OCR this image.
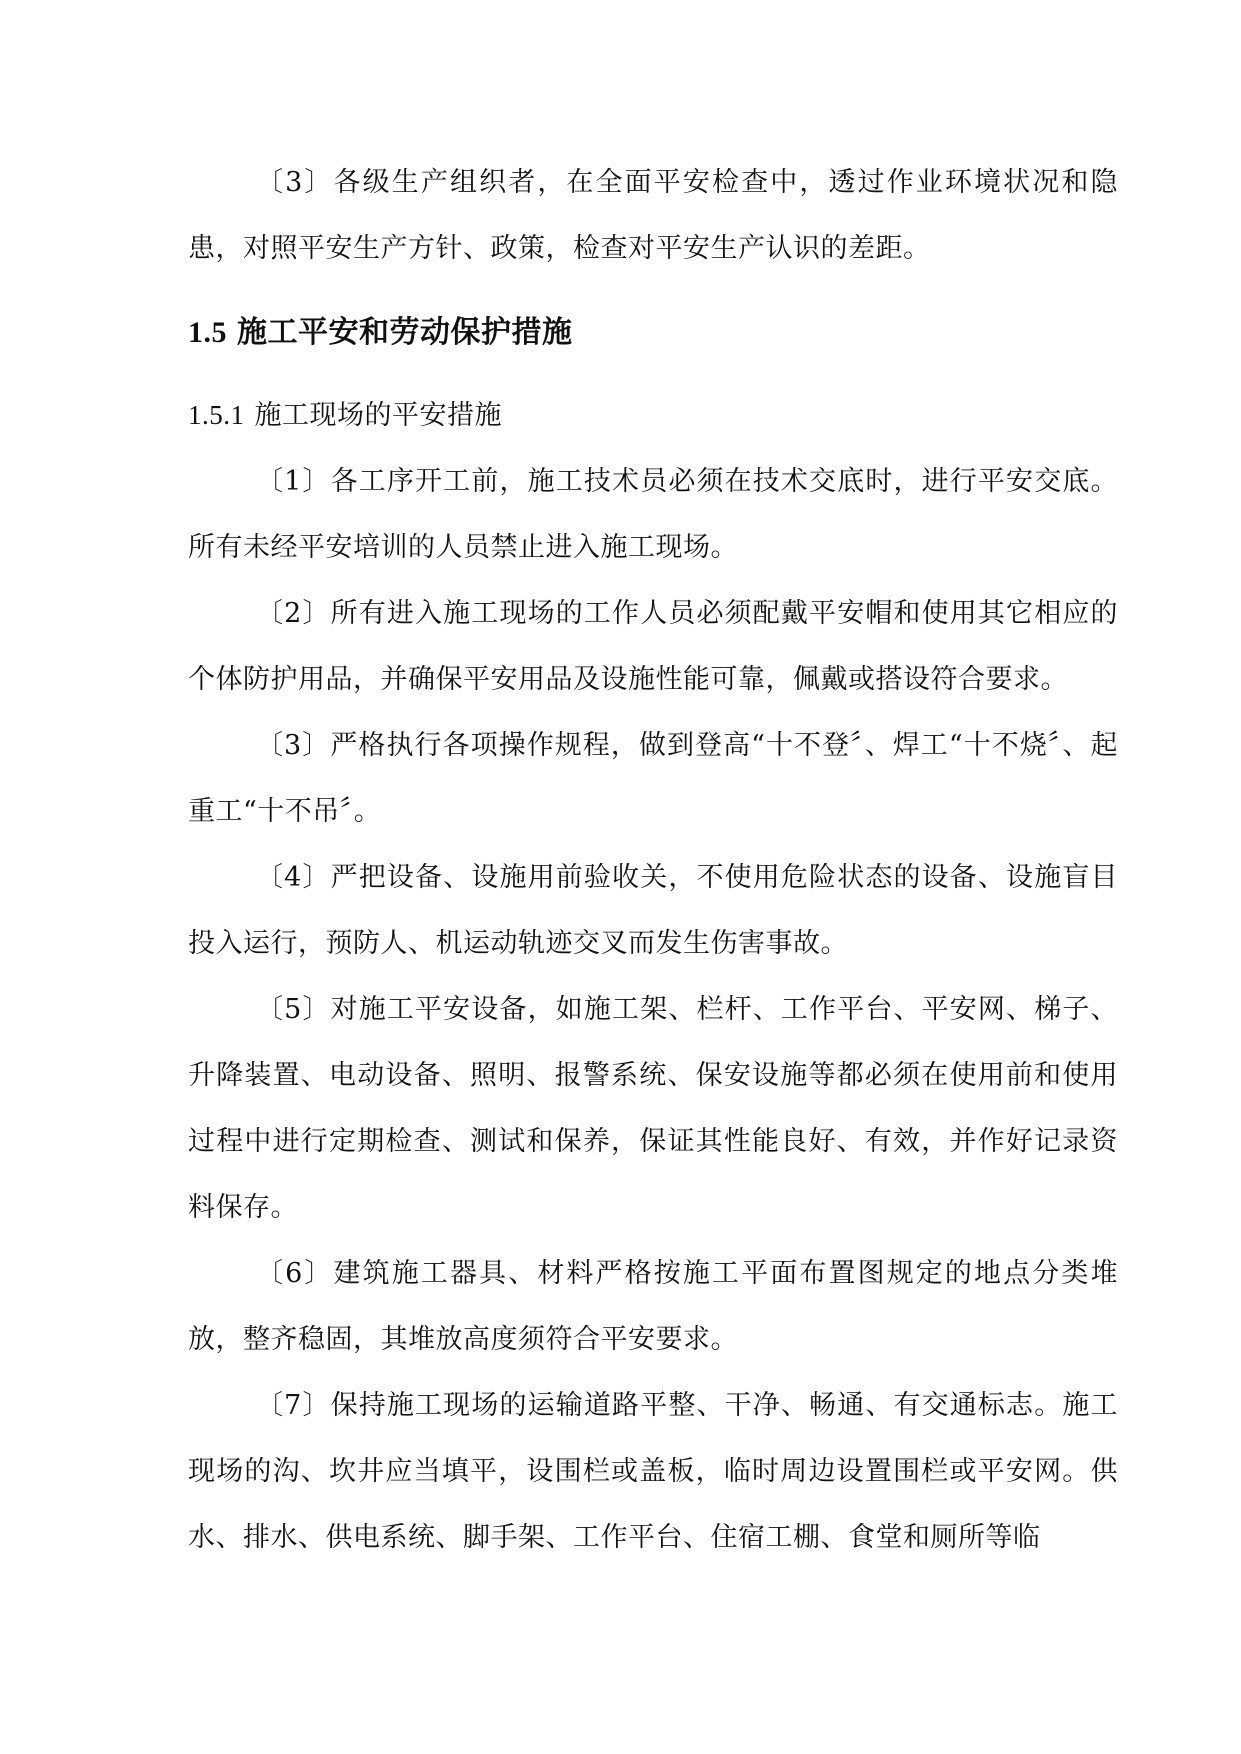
〔3〕各级生产组织者，在全面平安检查中，透过作业环境状况和隐患，对照平安生产方针、政策，检查对平安生产认识的差距。

1.5 施工平安和劳动保护措施
1.5.1 施工现场的平安措施

〔1〕各工序开工前，施工技术员必须在技术交底时，进行平安交底。所有未经平安培训的人员禁止进入施工现场。

〔2〕所有进入施工现场的工作人员必须配戴平安帽和使用其它相应的个体防护用品，并确保平安用品及设施性能可靠，佩戴或搭设符合要求。

〔3〕严格执行各项操作规程，做到登高“十不登〞、焊工“十不烧〞、起重工“十不吊〞。

〔4〕严把设备、设施用前验收关，不使用危险状态的设备、设施盲目投入运行，预防人、机运动轨迹交叉而发生伤害事故。

〔5〕对施工平安设备，如施工架、栏杆、工作平台、平安网、梯子、升降装置、电动设备、照明、报警系统、保安设施等都必须在使用前和使用过程中进行定期检查、测试和保养，保证其性能良好、有效，并作好记录资料保存。

〔6〕建筑施工器具、材料严格按施工平面布置图规定的地点分类堆放，整齐稳固，其堆放高度须符合平安要求。

〔7〕保持施工现场的运输道路平整、干净、畅通、有交通标志。施工现场的沟、坎井应当填平，设围栏或盖板，临时周边设置围栏或平安网。供水、排水、供电系统、脚手架、工作平台、住宿工棚、食堂和厕所等临
